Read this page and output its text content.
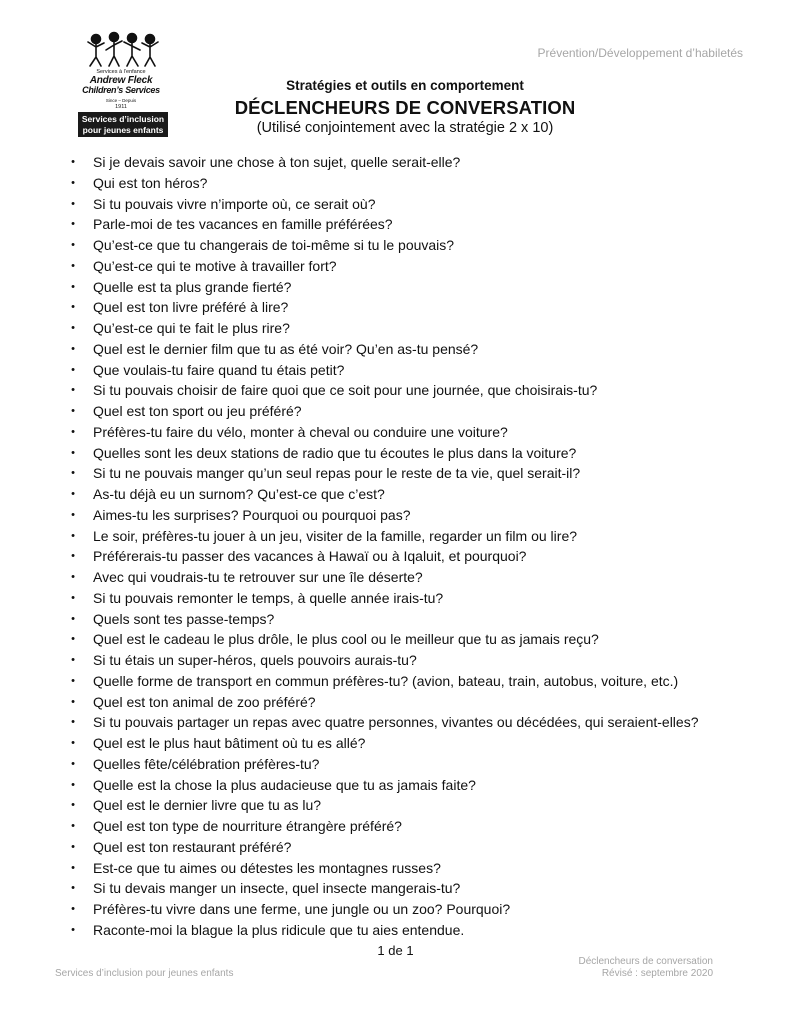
Services à l’enfance
Andrew Fleck
Children’s Services
Since – Depuis
1911
Services d’inclusion
pour jeunes enfants
Prévention/Développement d’habiletés
Stratégies et outils en comportement
DÉCLENCHEURS DE CONVERSATION
(Utilisé conjointement avec la stratégie 2 x 10)
• Si je devais savoir une chose à ton sujet, quelle serait-elle?
• Qui est ton héros?
• Si tu pouvais vivre n’importe où, ce serait où?
• Parle-moi de tes vacances en famille préférées?
• Qu’est-ce que tu changerais de toi-même si tu le pouvais?
• Qu’est-ce qui te motive à travailler fort?
• Quelle est ta plus grande fierté?
• Quel est ton livre préféré à lire?
• Qu’est-ce qui te fait le plus rire?
• Quel est le dernier film que tu as été voir? Qu’en as-tu pensé?
• Que voulais-tu faire quand tu étais petit?
• Si tu pouvais choisir de faire quoi que ce soit pour une journée, que choisirais-tu?
• Quel est ton sport ou jeu préféré?
• Préfères-tu faire du vélo, monter à cheval ou conduire une voiture?
• Quelles sont les deux stations de radio que tu écoutes le plus dans la voiture?
• Si tu ne pouvais manger qu’un seul repas pour le reste de ta vie, quel serait-il?
• As-tu déjà eu un surnom? Qu’est-ce que c’est?
• Aimes-tu les surprises? Pourquoi ou pourquoi pas?
• Le soir, préfères-tu jouer à un jeu, visiter de la famille, regarder un film ou lire?
• Préférerais-tu passer des vacances à Hawaï ou à Iqaluit, et pourquoi?
• Avec qui voudrais-tu te retrouver sur une île déserte?
• Si tu pouvais remonter le temps, à quelle année irais-tu?
• Quels sont tes passe-temps?
• Quel est le cadeau le plus drôle, le plus cool ou le meilleur que tu as jamais reçu?
• Si tu étais un super-héros, quels pouvoirs aurais-tu?
• Quelle forme de transport en commun préfères-tu? (avion, bateau, train, autobus, voiture, etc.)
• Quel est ton animal de zoo préféré?
• Si tu pouvais partager un repas avec quatre personnes, vivantes ou décédées, qui seraient-elles?
• Quel est le plus haut bâtiment où tu es allé?
• Quelles fête/célébration préfères-tu?
• Quelle est la chose la plus audacieuse que tu as jamais faite?
• Quel est le dernier livre que tu as lu?
• Quel est ton type de nourriture étrangère préféré?
• Quel est ton restaurant préféré?
• Est-ce que tu aimes ou détestes les montagnes russes?
• Si tu devais manger un insecte, quel insecte mangerais-tu?
• Préfères-tu vivre dans une ferme, une jungle ou un zoo? Pourquoi?
• Raconte-moi la blague la plus ridicule que tu aies entendue.
1 de 1
Services d’inclusion pour jeunes enfants
Déclencheurs de conversation
Révisé : septembre 2020
